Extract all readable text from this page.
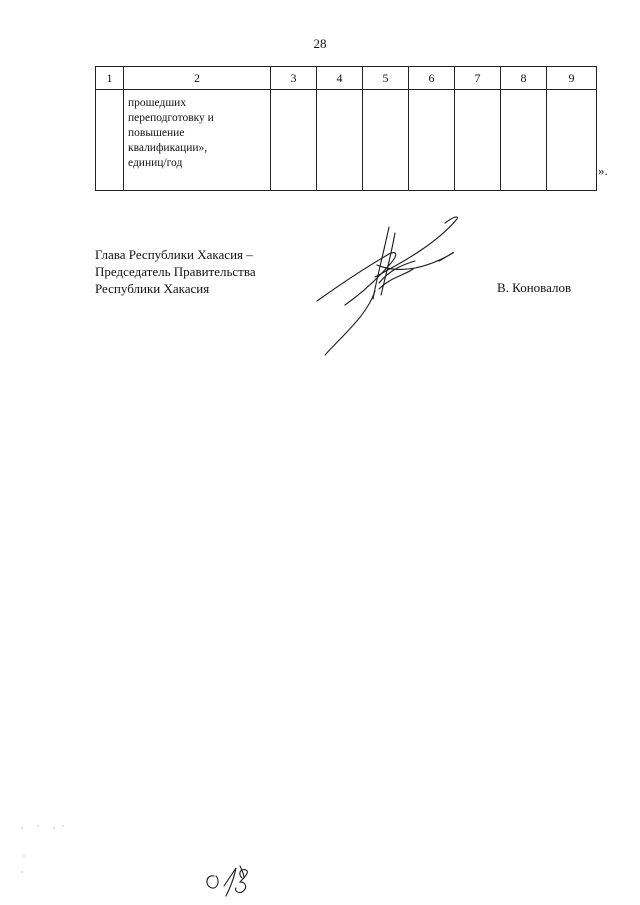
28
1	2	3	4	5	6	7	8	9

	прошедших
переподготовку и
повышение
квалификации»,
единиц/год							
								».
Глава Республики Хакасия –
Председатель Правительства
Республики Хакасия	В. Коновалов
